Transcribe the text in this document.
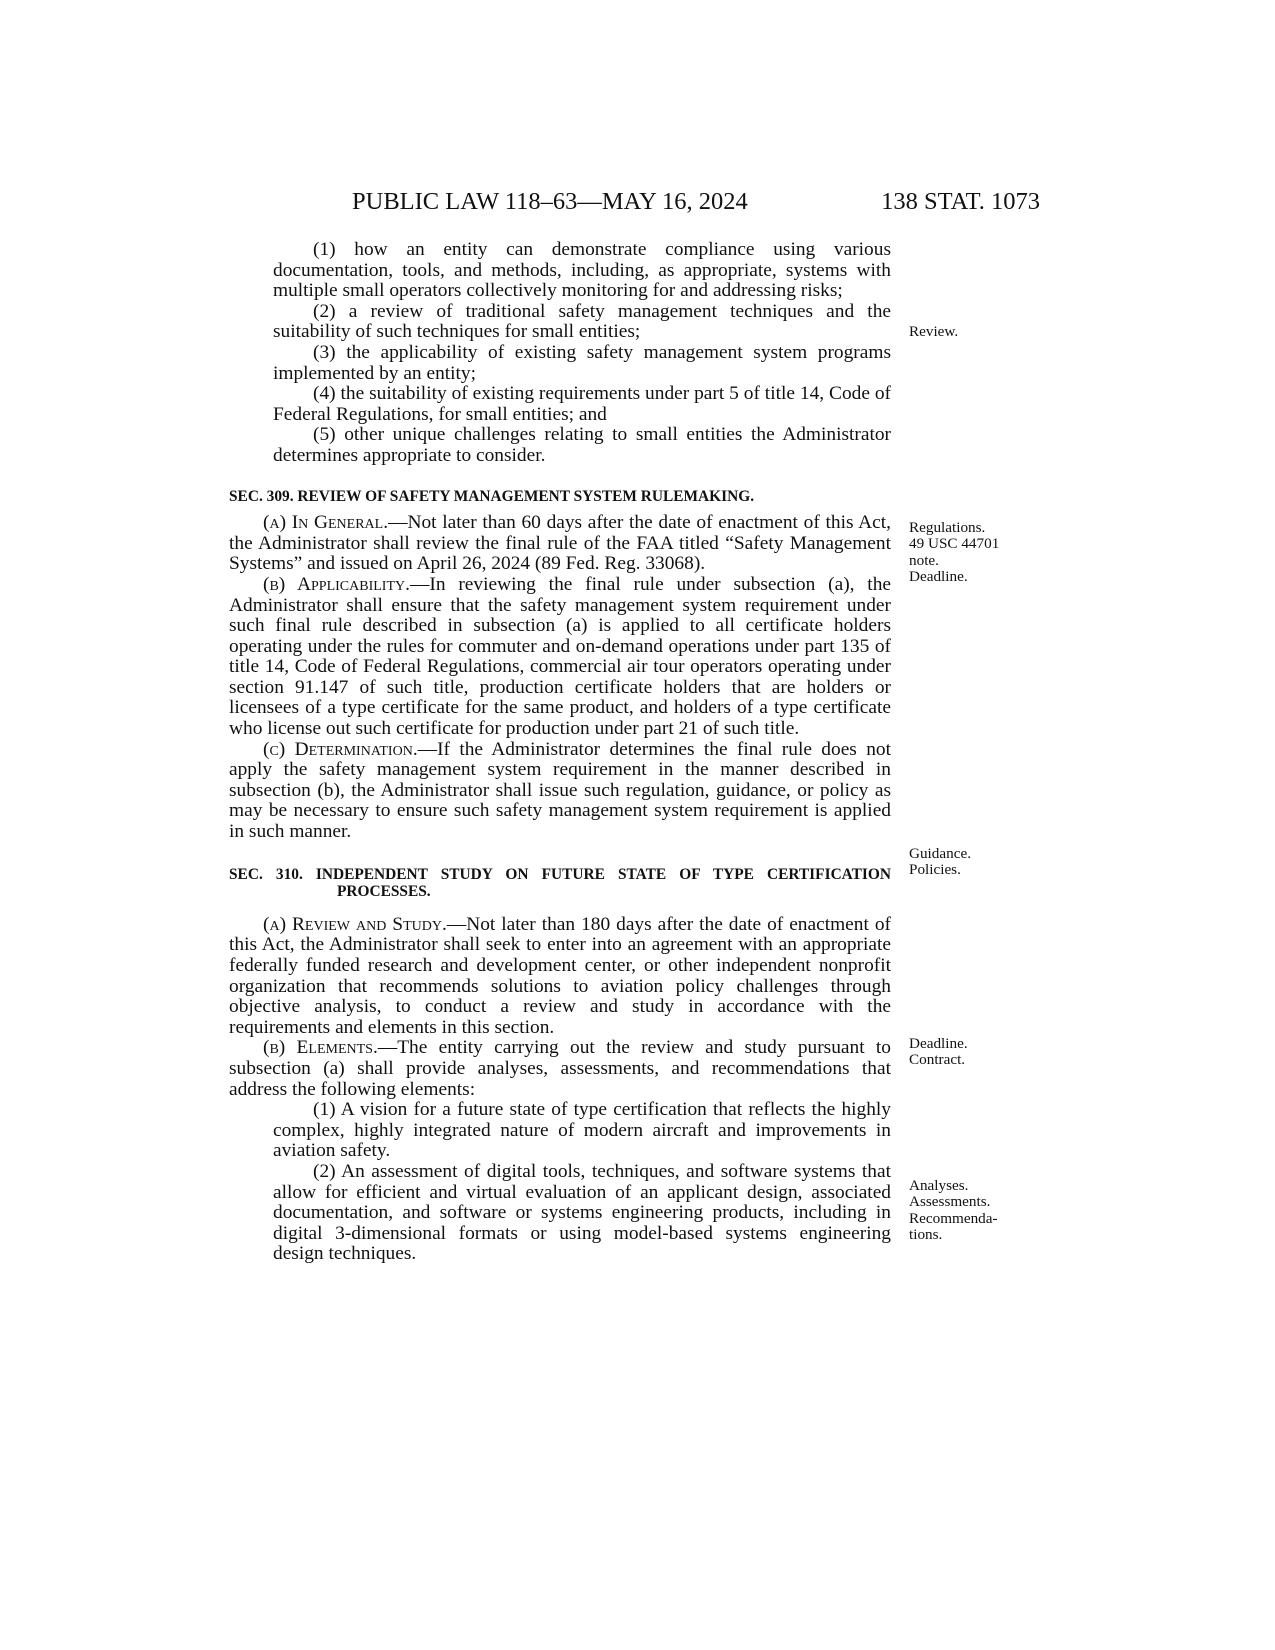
PUBLIC LAW 118–63—MAY 16, 2024	138 STAT. 1073

(1) how an entity can demonstrate compliance using various documentation, tools, and methods, including, as appropriate, systems with multiple small operators collectively monitoring for and addressing risks;

(2) a review of traditional safety management techniques and the suitability of such techniques for small entities;

(3) the applicability of existing safety management system programs implemented by an entity;

(4) the suitability of existing requirements under part 5 of title 14, Code of Federal Regulations, for small entities; and

(5) other unique challenges relating to small entities the Administrator determines appropriate to consider.

SEC. 309. REVIEW OF SAFETY MANAGEMENT SYSTEM RULEMAKING.

(a) In General.—Not later than 60 days after the date of enactment of this Act, the Administrator shall review the final rule of the FAA titled “Safety Management Systems” and issued on April 26, 2024 (89 Fed. Reg. 33068).

(b) Applicability.—In reviewing the final rule under subsection (a), the Administrator shall ensure that the safety management system requirement under such final rule described in subsection (a) is applied to all certificate holders operating under the rules for commuter and on-demand operations under part 135 of title 14, Code of Federal Regulations, commercial air tour operators operating under section 91.147 of such title, production certificate holders that are holders or licensees of a type certificate for the same product, and holders of a type certificate who license out such certificate for production under part 21 of such title.

(c) Determination.—If the Administrator determines the final rule does not apply the safety management system requirement in the manner described in subsection (b), the Administrator shall issue such regulation, guidance, or policy as may be necessary to ensure such safety management system requirement is applied in such manner.

SEC. 310. INDEPENDENT STUDY ON FUTURE STATE OF TYPE CERTIFICATION PROCESSES.

(a) Review and Study.—Not later than 180 days after the date of enactment of this Act, the Administrator shall seek to enter into an agreement with an appropriate federally funded research and development center, or other independent nonprofit organization that recommends solutions to aviation policy challenges through objective analysis, to conduct a review and study in accordance with the requirements and elements in this section.

(b) Elements.—The entity carrying out the review and study pursuant to subsection (a) shall provide analyses, assessments, and recommendations that address the following elements:

(1) A vision for a future state of type certification that reflects the highly complex, highly integrated nature of modern aircraft and improvements in aviation safety.

(2) An assessment of digital tools, techniques, and software systems that allow for efficient and virtual evaluation of an applicant design, associated documentation, and software or systems engineering products, including in digital 3-dimensional formats or using model-based systems engineering design techniques.

Review.
Regulations.
49 USC 44701
note.
Deadline.
Guidance.
Policies.
Deadline.
Contract.
Analyses.
Assessments.
Recommenda-
tions.
